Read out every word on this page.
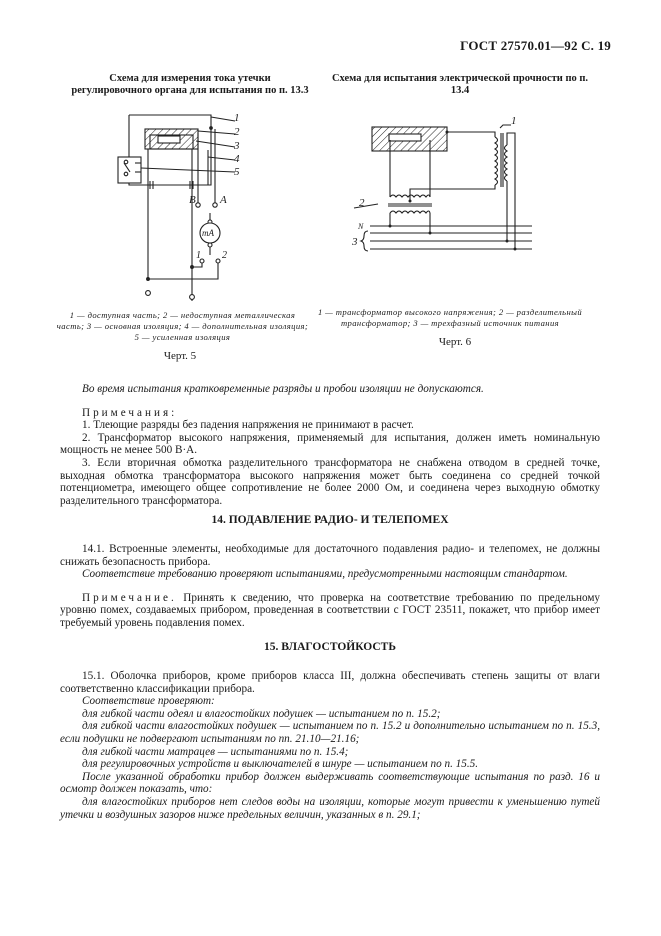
ГОСТ 27570.01—92 С. 19
Схема для измерения тока утечки регулировочного органа для испытания по п. 13.3
1
2
3
4
5
B A
1 2
mA
1 — доступная часть; 2 — недоступная металлическая часть; 3 — основная изоляция; 4 — дополнительная изоляция; 5 — усиленная изоляция
Черт. 5
Схема для испытания электрической прочности по п. 13.4
1
2
N
3
1 — трансформатор высокого напряжения; 2 — разделительный трансформатор; 3 — трехфазный источник питания
Черт. 6

Во время испытания кратковременные разряды и пробои изоляции не допускаются.

Примечания:

1. Тлеющие разряды без падения напряжения не принимают в расчет.

2. Трансформатор высокого напряжения, применяемый для испытания, должен иметь номинальную мощность не менее 500 В·А.

3. Если вторичная обмотка разделительного трансформатора не снабжена отводом в средней точке, выходная обмотка трансформатора высокого напряжения может быть соединена со средней точкой потенциометра, имеющего общее сопротивление не более 2000 Ом, и соединена через выходную обмотку разделительного трансформатора.

14. ПОДАВЛЕНИЕ РАДИО- И ТЕЛЕПОМЕХ

14.1. Встроенные элементы, необходимые для достаточного подавления радио- и телепомех, не должны снижать безопасность прибора.

Соответствие требованию проверяют испытаниями, предусмотренными настоящим стандартом.

Примечание. Принять к сведению, что проверка на соответствие требованию по предельному уровню помех, создаваемых прибором, проведенная в соответствии с ГОСТ 23511, покажет, что прибор имеет требуемый уровень подавления помех.

15. ВЛАГОСТОЙКОСТЬ

15.1. Оболочка приборов, кроме приборов класса III, должна обеспечивать степень защиты от влаги соответственно классификации прибора.

Соответствие проверяют:

для гибкой части одеял и влагостойких подушек — испытанием по п. 15.2;

для гибкой части влагостойких подушек — испытанием по п. 15.2 и дополнительно испытанием по п. 15.3, если подушки не подвергают испытаниям по пп. 21.10—21.16;

для гибкой части матрацев — испытаниями по п. 15.4;

для регулировочных устройств и выключателей в шнуре — испытанием по п. 15.5.

После указанной обработки прибор должен выдерживать соответствующие испытания по разд. 16 и осмотр должен показать, что:

для влагостойких приборов нет следов воды на изоляции, которые могут привести к уменьшению путей утечки и воздушных зазоров ниже предельных величин, указанных в п. 29.1;
